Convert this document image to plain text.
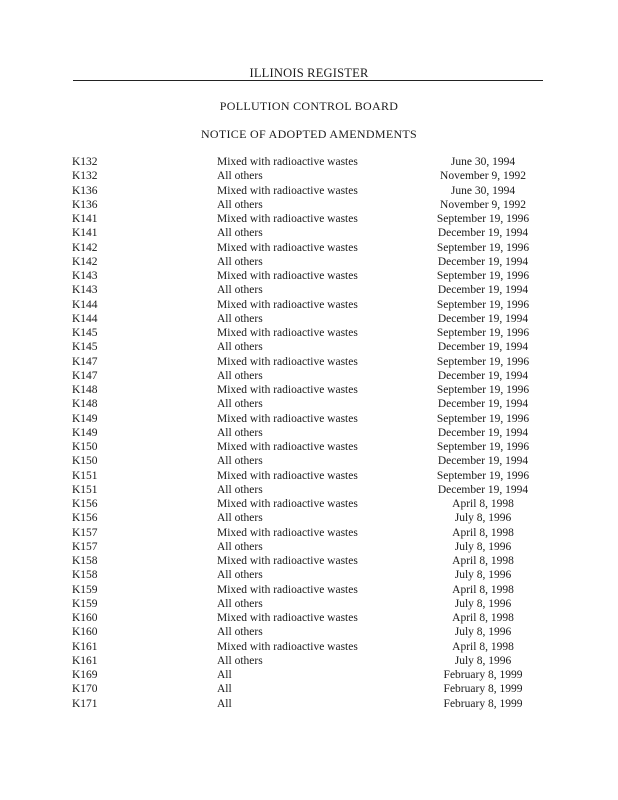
ILLINOIS REGISTER
POLLUTION CONTROL BOARD
NOTICE OF ADOPTED AMENDMENTS
K132	Mixed with radioactive wastes	June 30, 1994
K132	All others	November 9, 1992
K136	Mixed with radioactive wastes	June 30, 1994
K136	All others	November 9, 1992
K141	Mixed with radioactive wastes	September 19, 1996
K141	All others	December 19, 1994
K142	Mixed with radioactive wastes	September 19, 1996
K142	All others	December 19, 1994
K143	Mixed with radioactive wastes	September 19, 1996
K143	All others	December 19, 1994
K144	Mixed with radioactive wastes	September 19, 1996
K144	All others	December 19, 1994
K145	Mixed with radioactive wastes	September 19, 1996
K145	All others	December 19, 1994
K147	Mixed with radioactive wastes	September 19, 1996
K147	All others	December 19, 1994
K148	Mixed with radioactive wastes	September 19, 1996
K148	All others	December 19, 1994
K149	Mixed with radioactive wastes	September 19, 1996
K149	All others	December 19, 1994
K150	Mixed with radioactive wastes	September 19, 1996
K150	All others	December 19, 1994
K151	Mixed with radioactive wastes	September 19, 1996
K151	All others	December 19, 1994
K156	Mixed with radioactive wastes	April 8, 1998
K156	All others	July 8, 1996
K157	Mixed with radioactive wastes	April 8, 1998
K157	All others	July 8, 1996
K158	Mixed with radioactive wastes	April 8, 1998
K158	All others	July 8, 1996
K159	Mixed with radioactive wastes	April 8, 1998
K159	All others	July 8, 1996
K160	Mixed with radioactive wastes	April 8, 1998
K160	All others	July 8, 1996
K161	Mixed with radioactive wastes	April 8, 1998
K161	All others	July 8, 1996
K169	All	February 8, 1999
K170	All	February 8, 1999
K171	All	February 8, 1999
